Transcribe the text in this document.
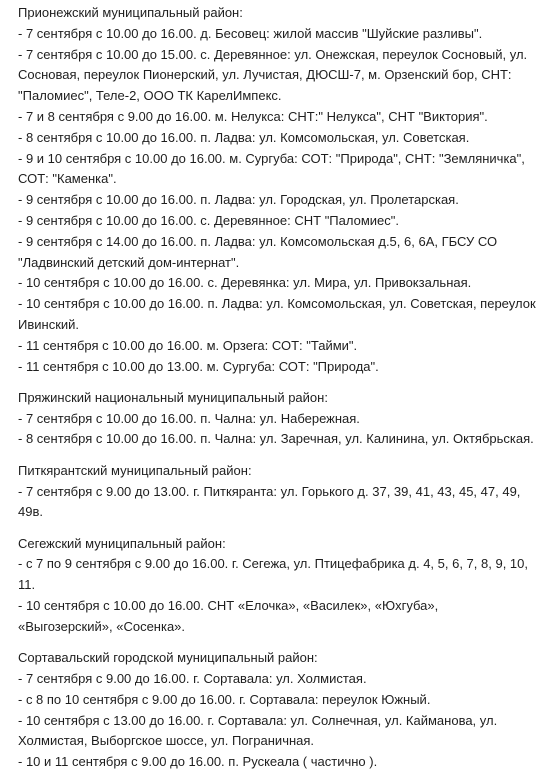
Прионежский муниципальный район:

- 7 сентября с 10.00 до 16.00. д. Бесовец: жилой массив "Шуйские разливы".

- 7 сентября с 10.00 до 15.00. с. Деревянное: ул. Онежская, переулок Сосновый, ул. Сосновая, переулок Пионерский, ул. Лучистая, ДЮСШ-7, м. Орзенский бор, СНТ: "Паломиес", Теле-2, ООО ТК КарелИмпекс.

- 7 и 8 сентября с 9.00 до 16.00. м. Нелукса: СНТ:" Нелукса", СНТ "Виктория".

- 8 сентября с 10.00 до 16.00. п. Ладва: ул. Комсомольская, ул. Советская.

- 9 и 10 сентября с 10.00 до 16.00. м. Сургуба: СОТ: "Природа", СНТ: "Земляничка", СОТ: "Каменка".

- 9 сентября с 10.00 до 16.00. п. Ладва: ул. Городская, ул. Пролетарская.

- 9 сентября с 10.00 до 16.00. с. Деревянное: СНТ "Паломиес".

- 9 сентября с 14.00 до 16.00. п. Ладва: ул. Комсомольская д.5, 6, 6А, ГБСУ СО "Ладвинский детский дом-интернат".

- 10 сентября с 10.00 до 16.00. с. Деревянка: ул. Мира, ул. Привокзальная.

- 10 сентября с 10.00 до 16.00. п. Ладва: ул. Комсомольская, ул. Советская, переулок Ивинский.

- 11 сентября с 10.00 до 16.00. м. Орзега: СОТ: "Тайми".

- 11 сентября с 10.00 до 13.00. м. Сургуба: СОТ: "Природа".

Пряжинский национальный муниципальный район:

- 7 сентября с 10.00 до 16.00. п. Чална: ул. Набережная.

- 8 сентября с 10.00 до 16.00. п. Чална: ул. Заречная, ул. Калинина, ул. Октябрьская.

Питкярантский муниципальный район:

- 7 сентября с 9.00 до 13.00. г. Питкяранта: ул. Горького д. 37, 39, 41, 43, 45, 47, 49, 49в.

Сегежский муниципальный район:

- с 7 по 9 сентября с 9.00 до 16.00. г. Сегежа, ул. Птицефабрика д. 4, 5, 6, 7, 8, 9, 10, 11.

- 10 сентября с 10.00 до 16.00. СНТ «Елочка», «Василек», «Юхгуба», «Выгозерский», «Сосенка».

Сортавальский городской муниципальный район:

- 7 сентября с 9.00 до 16.00. г. Сортавала: ул. Холмистая.

- с 8 по 10 сентября с 9.00 до 16.00. г. Сортавала: переулок Южный.

- 10 сентября с 13.00 до 16.00. г. Сортавала: ул. Солнечная, ул. Кайманова, ул. Холмистая, Выборгское шоссе, ул. Пограничная.

- 10 и 11 сентября с 9.00 до 16.00. п. Рускеала ( частично ).
